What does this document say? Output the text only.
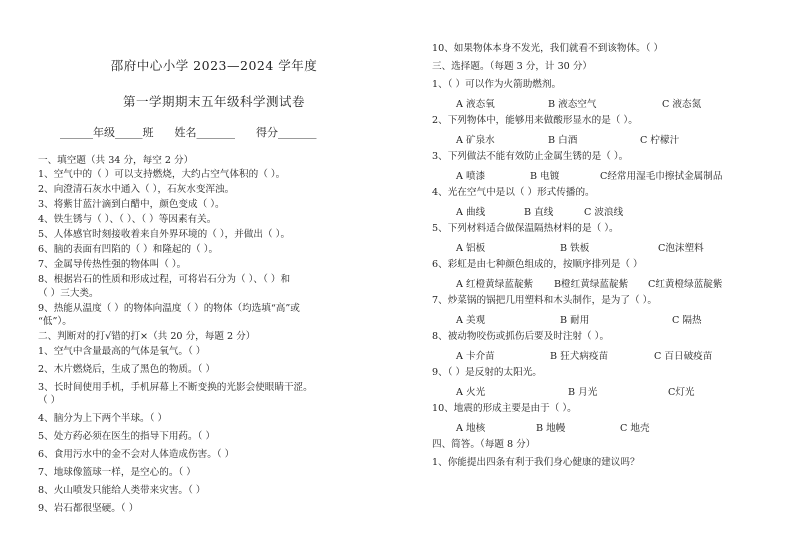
邵府中心小学 2023—2024 学年度
第一学期期末五年级科学测试卷
______年级_____班      姓名_______      得分_______
一、填空题（共 34 分，每空 2 分）
1、空气中的（ ）可以支持燃烧，大约占空气体积的（ ）。
2、向澄清石灰水中通入（ ），石灰水变浑浊。
3、将紫甘蓝汁滴到白醋中，颜色变成（ ）。
4、铁生锈与（ ）、（ ）、（ ）等因素有关。
5、人体感官时刻接收着来自外界环境的（ ），并做出（ ）。
6、脑的表面有凹陷的（ ）和隆起的（ ）。
7、金属导传热性强的物体叫（ ）。
8、根据岩石的性质和形成过程，可将岩石分为（ ）、（ ）和
（ ）三大类。
9、热能从温度（ ）的物体向温度（ ）的物体（均选填“高”或
“低”）。
二、判断对的打√错的打×（共 20 分，每题 2 分）
1、空气中含量最高的气体是氧气。（ ）
2、木片燃烧后，生成了黑色的物质。（ ）
3、长时间使用手机，手机屏幕上不断变换的光影会使眼睛干涩。
（ ）
4、脑分为上下两个半球。（ ）
5、处方药必须在医生的指导下用药。（ ）
6、食用污水中的金不会对人体造成伤害。（ ）
7、地球像篮球一样，是空心的。（ ）
8、火山喷发只能给人类带来灾害。（ ）
9、岩石都很坚硬。（ ）
10、如果物体本身不发光，我们就看不到该物体。（ ）
三、选择题。（每题 3 分，计 30 分）
1、（ ）可以作为火箭助燃剂。
A 液态氧	B 液态空气	C 液态氮
2、下列物体中，能够用来做酸形显水的是（ ）。
A 矿泉水	B 白酒	C 柠檬汁
3、下列做法不能有效防止金属生锈的是（ ）。
A 喷漆	B 电镀	C经常用湿毛巾擦拭金属制品
4、光在空气中是以（ ）形式传播的。
A 曲线	B 直线	C 波浪线
5、下列材料适合做保温隔热材料的是（ ）。
A 铝板	B 铁板	C泡沫塑料
6、彩虹是由七种颜色组成的，按顺序排列是（ ）
A 红橙黄绿蓝靛紫 B橙红黄绿蓝靛紫 C红黄橙绿蓝靛紫
7、炒菜锅的锅把几用塑料和木头制作，是为了（ ）。
A 美观	B 耐用	C 隔热
8、被动物咬伤或抓伤后要及时注射（ ）。
A 卡介苗	B 狂犬病疫苗	C 百日破疫苗
9、（ ）是反射的太阳光。
A 火光	B 月光	C灯光
10、地震的形成主要是由于（ ）。
A 地核	B 地幔	C 地壳
四、简答。（每题 8 分）
1、你能提出四条有利于我们身心健康的建议吗？
